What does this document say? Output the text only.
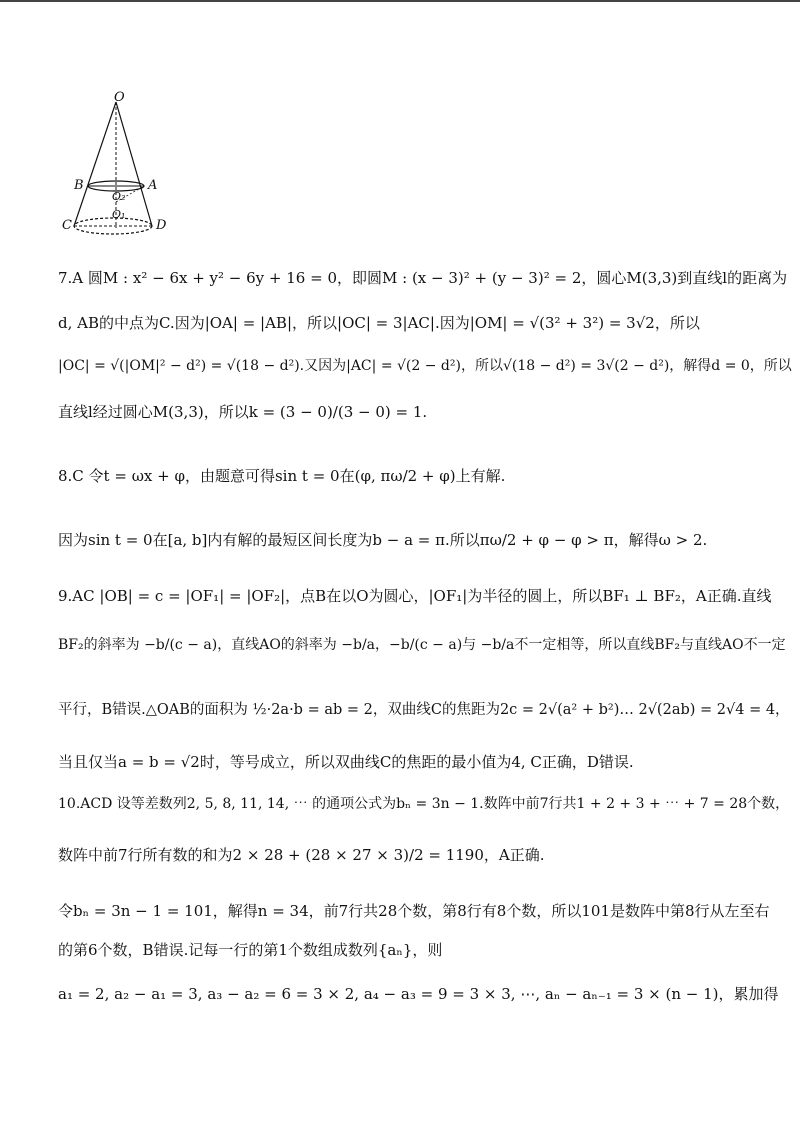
O
B	A
O₂
O₁
C	D
7.A 圆M : x² − 6x + y² − 6y + 16 = 0，即圆M : (x − 3)² + (y − 3)² = 2，圆心M(3,3)到直线l的距离为
d, AB的中点为C.因为|OA| = |AB|，所以|OC| = 3|AC|.因为|OM| = √(3² + 3²) = 3√2，所以
|OC| = √(|OM|² − d²) = √(18 − d²).又因为|AC| = √(2 − d²)，所以√(18 − d²) = 3√(2 − d²)，解得d = 0，所以
直线l经过圆心M(3,3)，所以k = (3 − 0)/(3 − 0) = 1.
8.C 令t = ωx + φ，由题意可得sin t = 0在(φ, πω/2 + φ)上有解.
因为sin t = 0在[a, b]内有解的最短区间长度为b − a = π.所以πω/2 + φ − φ > π，解得ω > 2.
9.AC |OB| = c = |OF₁| = |OF₂|，点B在以O为圆心，|OF₁|为半径的圆上，所以BF₁ ⊥ BF₂，A正确.直线
BF₂的斜率为 −b/(c − a)，直线AO的斜率为 −b/a，−b/(c − a)与 −b/a不一定相等，所以直线BF₂与直线AO不一定
平行，B错误.△OAB的面积为 ½·2a·b = ab = 2，双曲线C的焦距为2c = 2√(a² + b²)… 2√(2ab) = 2√4 = 4，
当且仅当a = b = √2时，等号成立，所以双曲线C的焦距的最小值为4, C正确，D错误.
10.ACD 设等差数列2, 5, 8, 11, 14, ⋯ 的通项公式为bₙ = 3n − 1.数阵中前7行共1 + 2 + 3 + ⋯ + 7 = 28个数，
数阵中前7行所有数的和为2 × 28 + (28 × 27 × 3)/2 = 1190，A正确.
令bₙ = 3n − 1 = 101，解得n = 34，前7行共28个数，第8行有8个数，所以101是数阵中第8行从左至右
的第6个数，B错误.记每一行的第1个数组成数列{aₙ}，则
a₁ = 2, a₂ − a₁ = 3, a₃ − a₂ = 6 = 3 × 2, a₄ − a₃ = 9 = 3 × 3, ⋯, aₙ − aₙ₋₁ = 3 × (n − 1)，累加得
